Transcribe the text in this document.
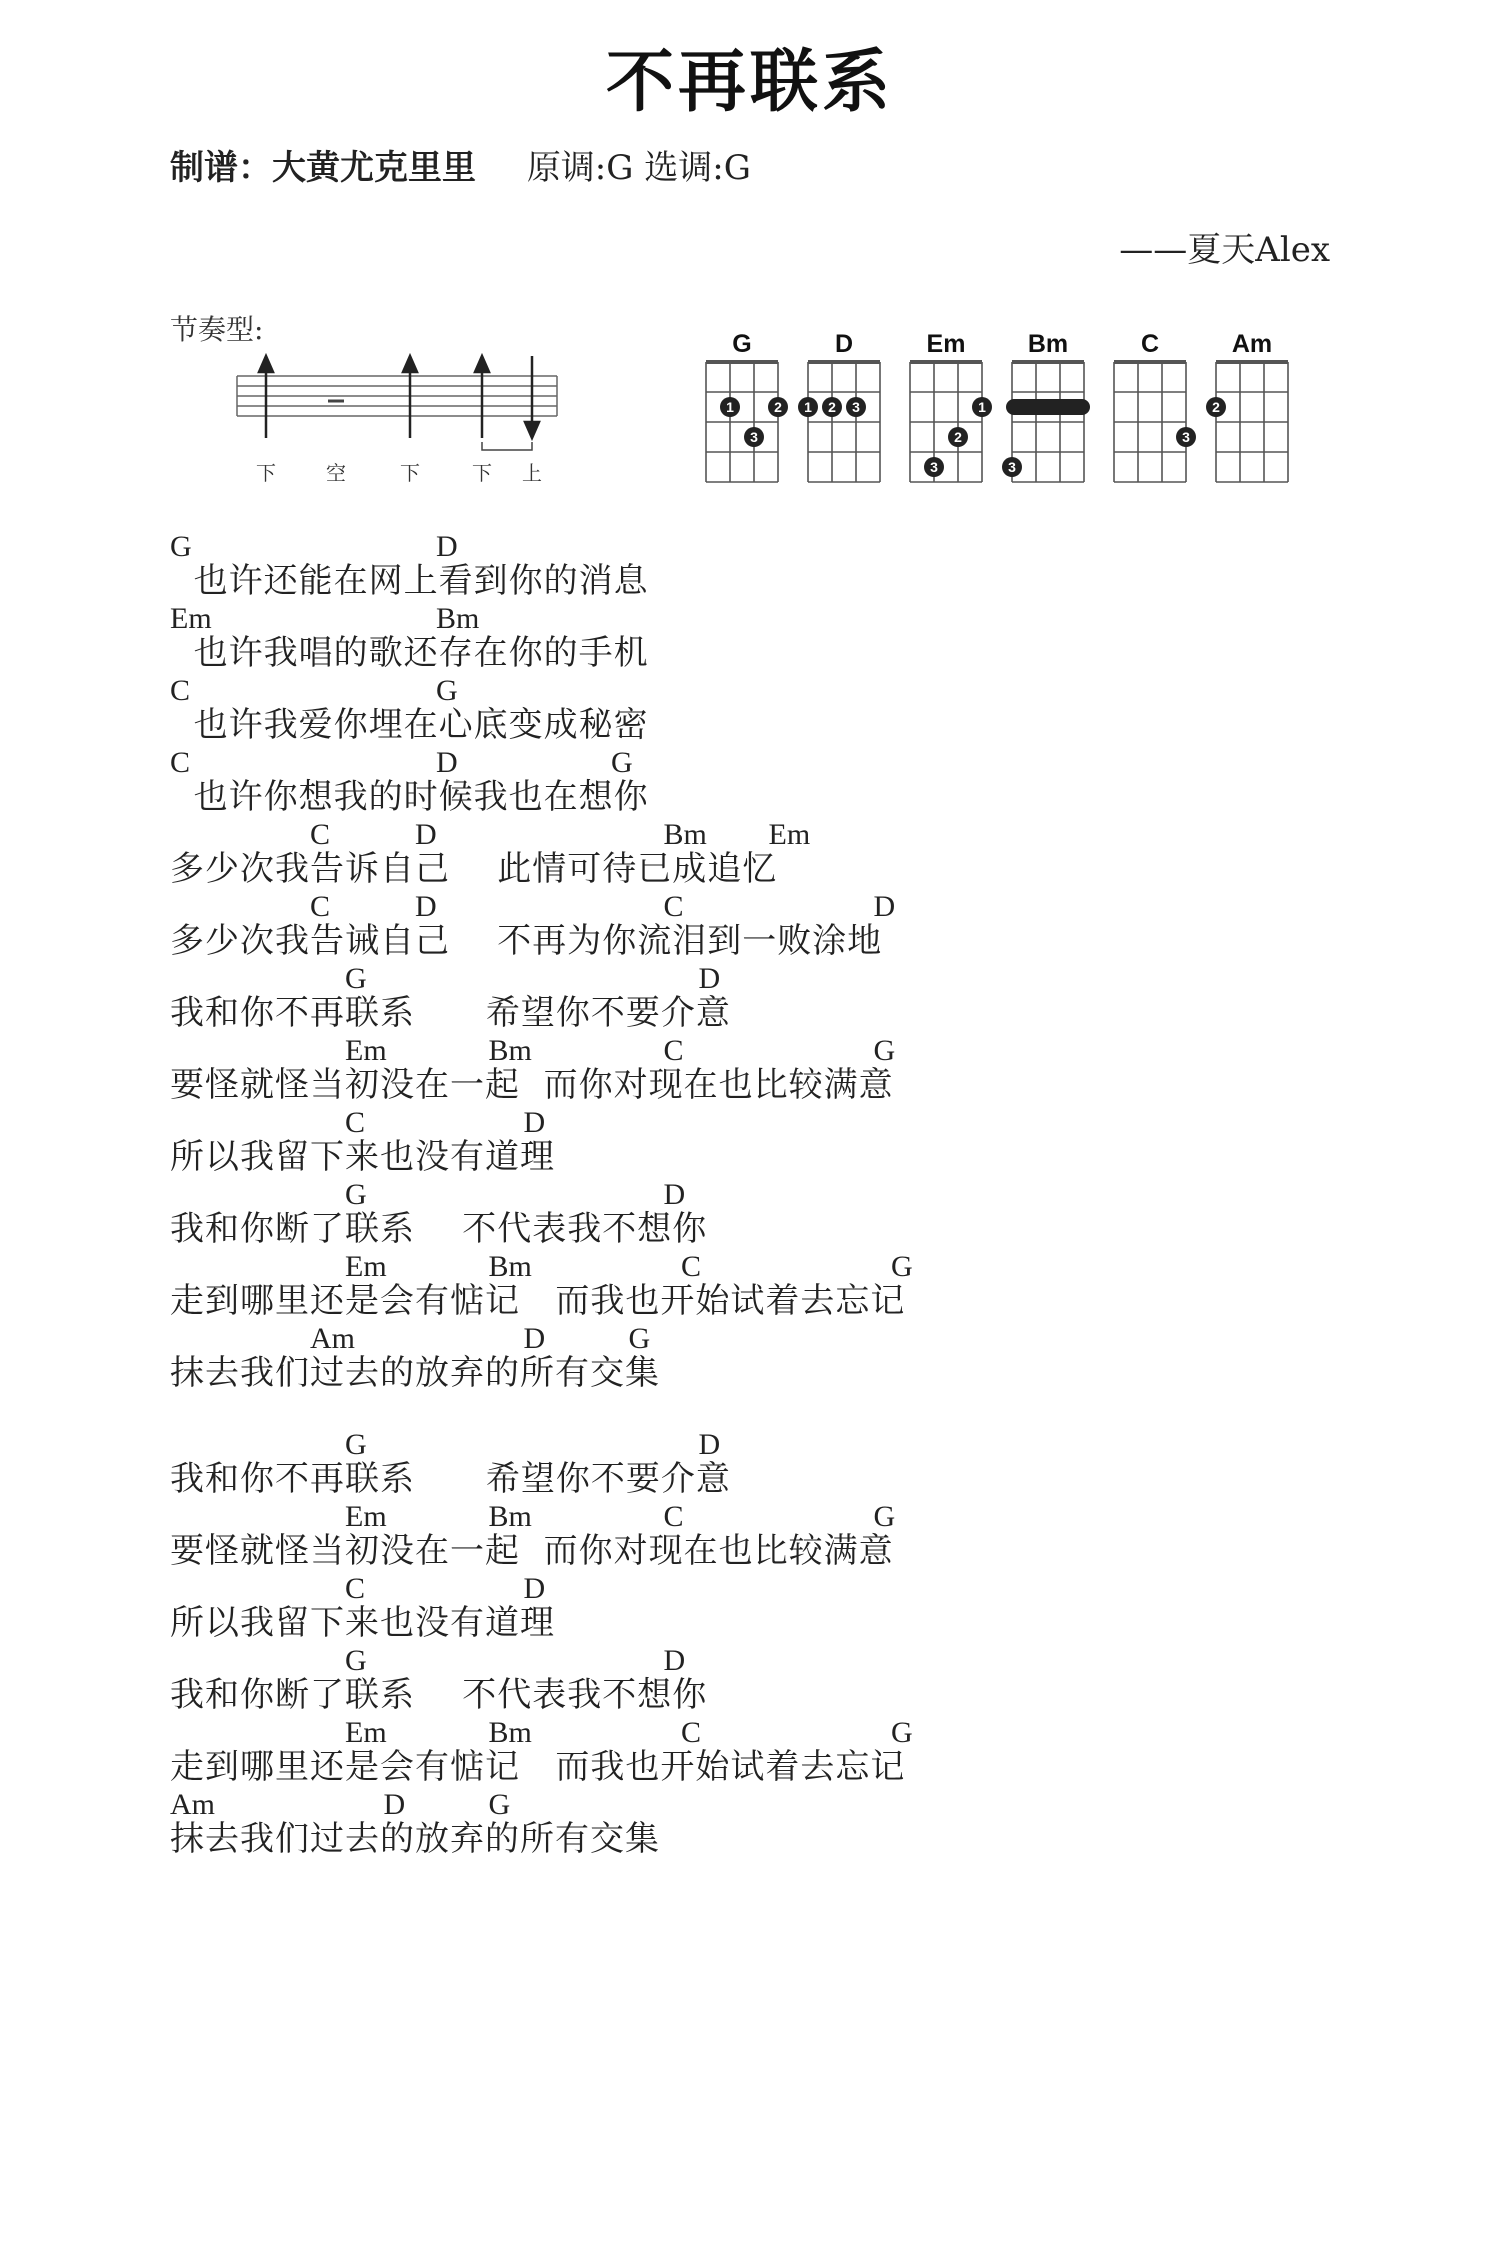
不再联系
制谱：大黄尤克里里 原调:G 选调:G
——夏天Alex
节奏型:
下	空	下	下 上
G
1	2
3
D
1 2 3
Em
1
2
3
Bm
3
C
3
Am
2
G	D
也许还能在网上看到你的消息
Em	Bm
也许我唱的歌还存在你的手机
C	G
也许我爱你埋在心底变成秘密
C	D	G
也许你想我的时候我也在想你
C	D	Bm Em
多少次我告诉自己    此情可待已成追忆
C	D	C	D
多少次我告诫自己    不再为你流泪到一败涂地
G	D
我和你不再联系      希望你不要介意
Em	Bm	C	G
要怪就怪当初没在一起  而你对现在也比较满意
C	D
所以我留下来也没有道理
G	D
我和你断了联系    不代表我不想你
Em	Bm	C	G
走到哪里还是会有惦记   而我也开始试着去忘记
Am	D	G
抹去我们过去的放弃的所有交集
G	D
我和你不再联系      希望你不要介意
Em	Bm	C	G
要怪就怪当初没在一起  而你对现在也比较满意
C	D
所以我留下来也没有道理
G	D
我和你断了联系    不代表我不想你
Em	Bm	C	G
走到哪里还是会有惦记   而我也开始试着去忘记
Am	D	G
抹去我们过去的放弃的所有交集
